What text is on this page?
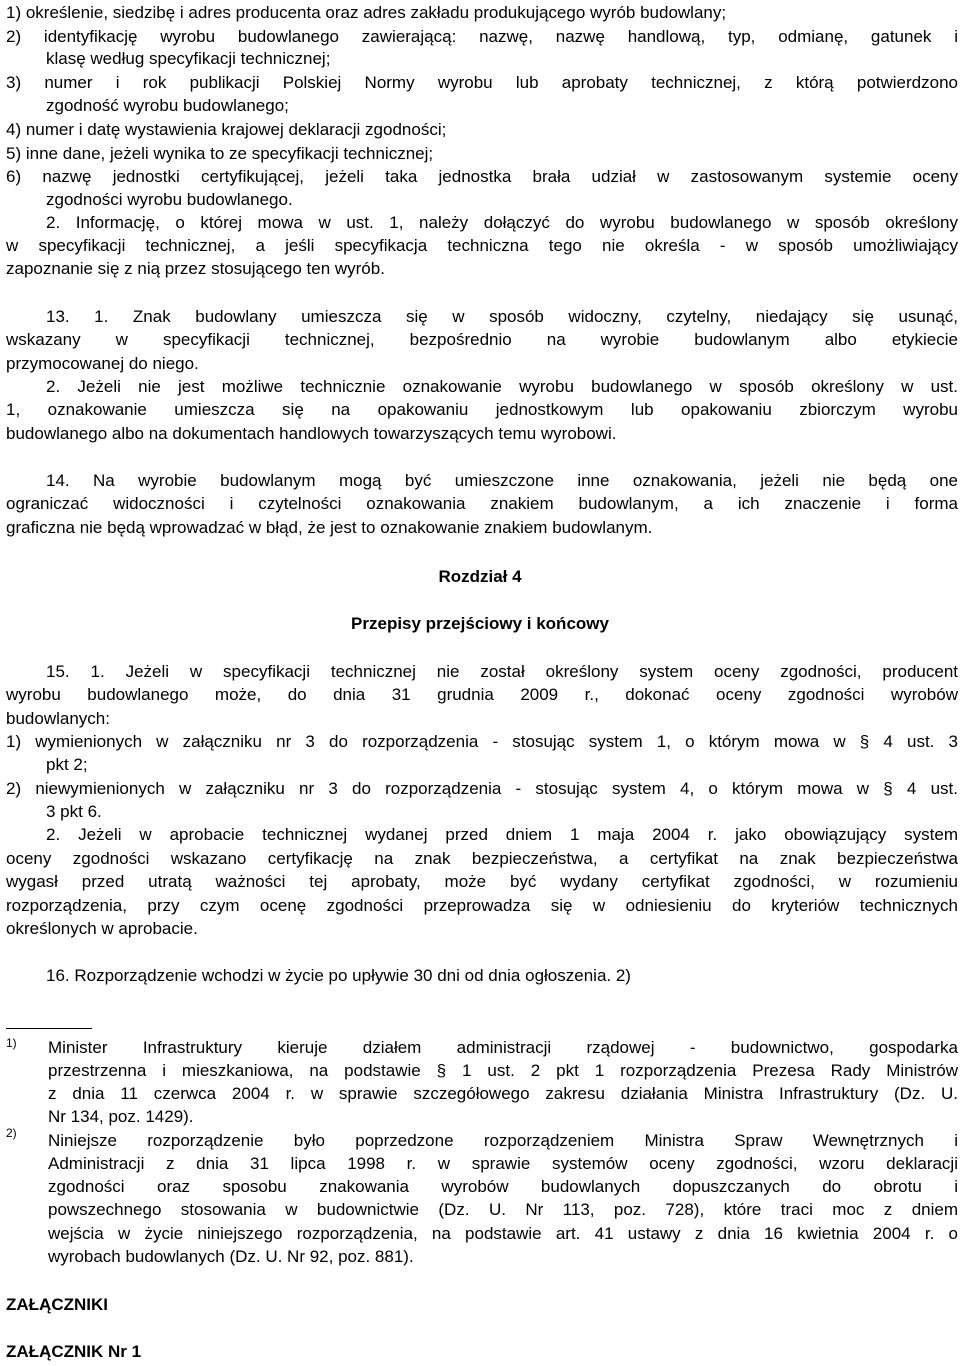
1) określenie, siedzibę i adres producenta oraz adres zakładu produkującego wyrób budowlany;
2) identyfikację wyrobu budowlanego zawierającą: nazwę, nazwę handlową, typ, odmianę, gatunek i
klasę według specyfikacji technicznej;
3) numer i rok publikacji Polskiej Normy wyrobu lub aprobaty technicznej, z którą potwierdzono
zgodność wyrobu budowlanego;
4) numer i datę wystawienia krajowej deklaracji zgodności;
5) inne dane, jeżeli wynika to ze specyfikacji technicznej;
6) nazwę jednostki certyfikującej, jeżeli taka jednostka brała udział w zastosowanym systemie oceny
zgodności wyrobu budowlanego.
2. Informację, o której mowa w ust. 1, należy dołączyć do wyrobu budowlanego w sposób określony
w specyfikacji technicznej, a jeśli specyfikacja techniczna tego nie określa - w sposób umożliwiający
zapoznanie się z nią przez stosującego ten wyrób.
13. 1. Znak budowlany umieszcza się w sposób widoczny, czytelny, niedający się usunąć,
wskazany w specyfikacji technicznej, bezpośrednio na wyrobie budowlanym albo etykiecie
przymocowanej do niego.
2. Jeżeli nie jest możliwe technicznie oznakowanie wyrobu budowlanego w sposób określony w ust.
1, oznakowanie umieszcza się na opakowaniu jednostkowym lub opakowaniu zbiorczym wyrobu
budowlanego albo na dokumentach handlowych towarzyszących temu wyrobowi.
14. Na wyrobie budowlanym mogą być umieszczone inne oznakowania, jeżeli nie będą one
ograniczać widoczności i czytelności oznakowania znakiem budowlanym, a ich znaczenie i forma
graficzna nie będą wprowadzać w błąd, że jest to oznakowanie znakiem budowlanym.
Rozdział 4
Przepisy przejściowy i końcowy
15. 1. Jeżeli w specyfikacji technicznej nie został określony system oceny zgodności, producent
wyrobu budowlanego może, do dnia 31 grudnia 2009 r., dokonać oceny zgodności wyrobów
budowlanych:
1) wymienionych w załączniku nr 3 do rozporządzenia - stosując system 1, o którym mowa w § 4 ust. 3
pkt 2;
2) niewymienionych w załączniku nr 3 do rozporządzenia - stosując system 4, o którym mowa w § 4 ust.
3 pkt 6.
2. Jeżeli w aprobacie technicznej wydanej przed dniem 1 maja 2004 r. jako obowiązujący system
oceny zgodności wskazano certyfikację na znak bezpieczeństwa, a certyfikat na znak bezpieczeństwa
wygasł przed utratą ważności tej aprobaty, może być wydany certyfikat zgodności, w rozumieniu
rozporządzenia, przy czym ocenę zgodności przeprowadza się w odniesieniu do kryteriów technicznych
określonych w aprobacie.
16. Rozporządzenie wchodzi w życie po upływie 30 dni od dnia ogłoszenia. 2)
1) Minister Infrastruktury kieruje działem administracji rządowej - budownictwo, gospodarka
przestrzenna i mieszkaniowa, na podstawie § 1 ust. 2 pkt 1 rozporządzenia Prezesa Rady Ministrów
z dnia 11 czerwca 2004 r. w sprawie szczegółowego zakresu działania Ministra Infrastruktury (Dz. U.
Nr 134, poz. 1429).
2) Niniejsze rozporządzenie było poprzedzone rozporządzeniem Ministra Spraw Wewnętrznych i
Administracji z dnia 31 lipca 1998 r. w sprawie systemów oceny zgodności, wzoru deklaracji
zgodności oraz sposobu znakowania wyrobów budowlanych dopuszczanych do obrotu i
powszechnego stosowania w budownictwie (Dz. U. Nr 113, poz. 728), które traci moc z dniem
wejścia w życie niniejszego rozporządzenia, na podstawie art. 41 ustawy z dnia 16 kwietnia 2004 r. o
wyrobach budowlanych (Dz. U. Nr 92, poz. 881).
ZAŁĄCZNIKI
ZAŁĄCZNIK Nr 1
